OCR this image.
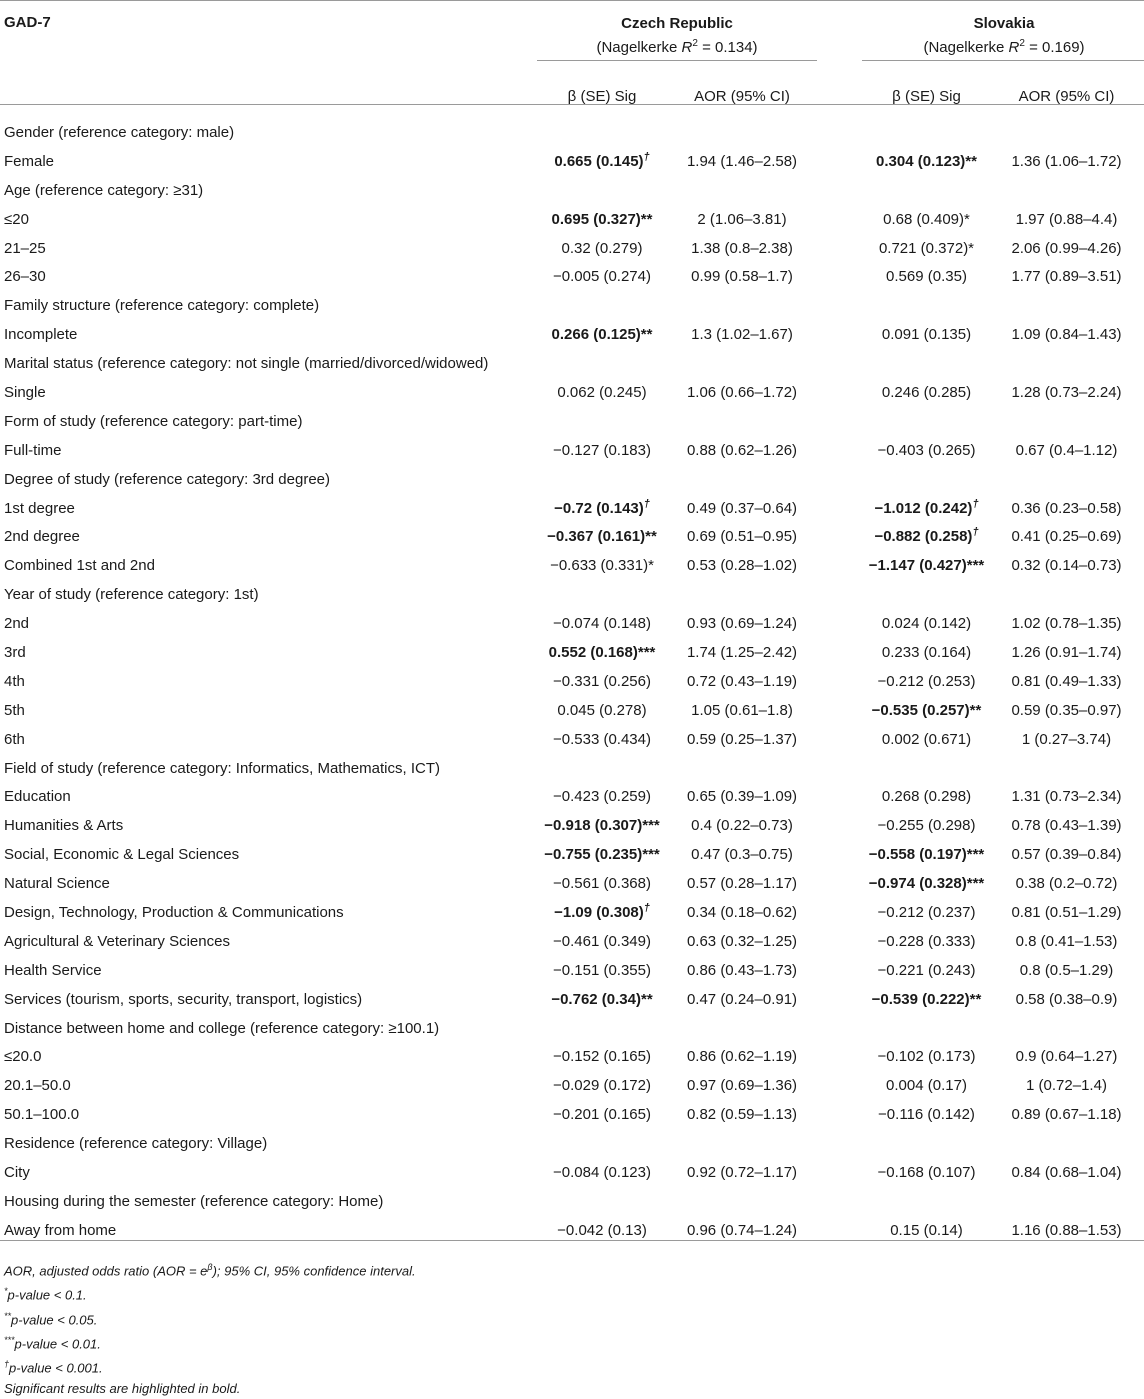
GAD-7	Czech Republic
(Nagelkerke $R^2 = 0.134$)			Slovakia
(Nagelkerke $R^2 = 0.169$)	

	β (SE) Sig	AOR (95% CI)		β (SE) Sig	AOR (95% CI)
Gender (reference category: male)					
Female	0.665 (0.145)†	1.94 (1.46–2.58)		0.304 (0.123)**	1.36 (1.06–1.72)
Age (reference category: ≥31)					
≤20	0.695 (0.327)**	2 (1.06–3.81)		0.68 (0.409)*	1.97 (0.88–4.4)
21–25	0.32 (0.279)	1.38 (0.8–2.38)		0.721 (0.372)*	2.06 (0.99–4.26)
26–30	−0.005 (0.274)	0.99 (0.58–1.7)		0.569 (0.35)	1.77 (0.89–3.51)
Family structure (reference category: complete)					
Incomplete	0.266 (0.125)**	1.3 (1.02–1.67)		0.091 (0.135)	1.09 (0.84–1.43)
Marital status (reference category: not single (married/divorced/widowed)					
Single	0.062 (0.245)	1.06 (0.66–1.72)		0.246 (0.285)	1.28 (0.73–2.24)
Form of study (reference category: part-time)					
Full-time	−0.127 (0.183)	0.88 (0.62–1.26)		−0.403 (0.265)	0.67 (0.4–1.12)
Degree of study (reference category: 3rd degree)					
1st degree	−0.72 (0.143)†	0.49 (0.37–0.64)		−1.012 (0.242)†	0.36 (0.23–0.58)
2nd degree	−0.367 (0.161)**	0.69 (0.51–0.95)		−0.882 (0.258)†	0.41 (0.25–0.69)
Combined 1st and 2nd	−0.633 (0.331)*	0.53 (0.28–1.02)		−1.147 (0.427)***	0.32 (0.14–0.73)
Year of study (reference category: 1st)					
2nd	−0.074 (0.148)	0.93 (0.69–1.24)		0.024 (0.142)	1.02 (0.78–1.35)
3rd	0.552 (0.168)***	1.74 (1.25–2.42)		0.233 (0.164)	1.26 (0.91–1.74)
4th	−0.331 (0.256)	0.72 (0.43–1.19)		−0.212 (0.253)	0.81 (0.49–1.33)
5th	0.045 (0.278)	1.05 (0.61–1.8)		−0.535 (0.257)**	0.59 (0.35–0.97)
6th	−0.533 (0.434)	0.59 (0.25–1.37)		0.002 (0.671)	1 (0.27–3.74)
Field of study (reference category: Informatics, Mathematics, ICT)					
Education	−0.423 (0.259)	0.65 (0.39–1.09)		0.268 (0.298)	1.31 (0.73–2.34)
Humanities & Arts	−0.918 (0.307)***	0.4 (0.22–0.73)		−0.255 (0.298)	0.78 (0.43–1.39)
Social, Economic & Legal Sciences	−0.755 (0.235)***	0.47 (0.3–0.75)		−0.558 (0.197)***	0.57 (0.39–0.84)
Natural Science	−0.561 (0.368)	0.57 (0.28–1.17)		−0.974 (0.328)***	0.38 (0.2–0.72)
Design, Technology, Production & Communications	−1.09 (0.308)†	0.34 (0.18–0.62)		−0.212 (0.237)	0.81 (0.51–1.29)
Agricultural & Veterinary Sciences	−0.461 (0.349)	0.63 (0.32–1.25)		−0.228 (0.333)	0.8 (0.41–1.53)
Health Service	−0.151 (0.355)	0.86 (0.43–1.73)		−0.221 (0.243)	0.8 (0.5–1.29)
Services (tourism, sports, security, transport, logistics)	−0.762 (0.34)**	0.47 (0.24–0.91)		−0.539 (0.222)**	0.58 (0.38–0.9)
Distance between home and college (reference category: ≥100.1)					
≤20.0	−0.152 (0.165)	0.86 (0.62–1.19)		−0.102 (0.173)	0.9 (0.64–1.27)
20.1–50.0	−0.029 (0.172)	0.97 (0.69–1.36)		0.004 (0.17)	1 (0.72–1.4)
50.1–100.0	−0.201 (0.165)	0.82 (0.59–1.13)		−0.116 (0.142)	0.89 (0.67–1.18)
Residence (reference category: Village)					
City	−0.084 (0.123)	0.92 (0.72–1.17)		−0.168 (0.107)	0.84 (0.68–1.04)
Housing during the semester (reference category: Home)					
Away from home	−0.042 (0.13)	0.96 (0.74–1.24)		0.15 (0.14)	1.16 (0.88–1.53)
AOR, adjusted odds ratio $(AOR = e^\beta)$; 95% CI, 95% confidence interval.
*p-value < 0.1.
**p-value < 0.05.
***p-value < 0.01.
†p-value < 0.001.
Significant results are highlighted in bold.
